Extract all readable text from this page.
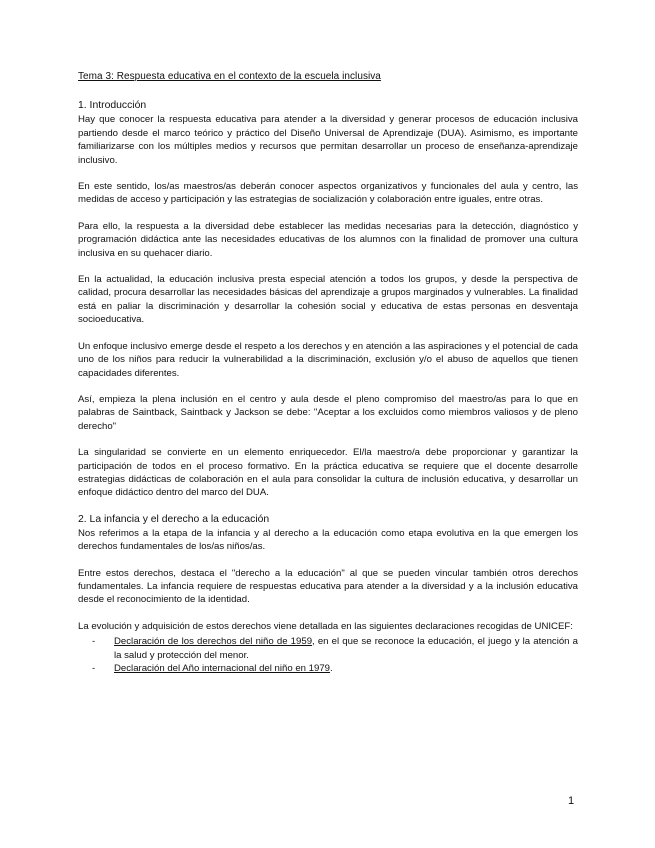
Tema 3: Respuesta educativa en el contexto de la escuela inclusiva

1. Introducción

Hay que conocer la respuesta educativa para atender a la diversidad y generar procesos de educación inclusiva partiendo desde el marco teórico y práctico del Diseño Universal de Aprendizaje (DUA). Asimismo, es importante familiarizarse con los múltiples medios y recursos que permitan desarrollar un proceso de enseñanza-aprendizaje inclusivo.

En este sentido, los/as maestros/as deberán conocer aspectos organizativos y funcionales del aula y centro, las medidas de acceso y participación y las estrategias de socialización y colaboración entre iguales, entre otras.

Para ello, la respuesta a la diversidad debe establecer las medidas necesarias para la detección, diagnóstico y programación didáctica ante las necesidades educativas de los alumnos con la finalidad de promover una cultura inclusiva en su quehacer diario.

En la actualidad, la educación inclusiva presta especial atención a todos los grupos, y desde la perspectiva de calidad, procura desarrollar las necesidades básicas del aprendizaje a grupos marginados y vulnerables. La finalidad está en paliar la discriminación y desarrollar la cohesión social y educativa de estas personas en desventaja socioeducativa.

Un enfoque inclusivo emerge desde el respeto a los derechos y en atención a las aspiraciones y el potencial de cada uno de los niños para reducir la vulnerabilidad a la discriminación, exclusión y/o el abuso de aquellos que tienen capacidades diferentes.

Así, empieza la plena inclusión en el centro y aula desde el pleno compromiso del maestro/as para lo que en palabras de Saintback, Saintback y Jackson se debe: "Aceptar a los excluidos como miembros valiosos y de pleno derecho"

La singularidad se convierte en un elemento enriquecedor. El/la maestro/a debe proporcionar y garantizar la participación de todos en el proceso formativo. En la práctica educativa se requiere que el docente desarrolle estrategias didácticas de colaboración en el aula para consolidar la cultura de inclusión educativa, y desarrollar un enfoque didáctico dentro del marco del DUA.

2. La infancia y el derecho a la educación

Nos referimos a la etapa de la infancia y al derecho a la educación como etapa evolutiva en la que emergen los derechos fundamentales de los/as niños/as.

Entre estos derechos, destaca el "derecho a la educación" al que se pueden vincular también otros derechos fundamentales. La infancia requiere de respuestas educativa para atender a la diversidad y a la inclusión educativa desde el reconocimiento de la identidad.

La evolución y adquisición de estos derechos viene detallada en las siguientes declaraciones recogidas de UNICEF:

- Declaración de los derechos del niño de 1959, en el que se reconoce la educación, el juego y la atención a la salud y protección del menor.
- Declaración del Año internacional del niño en 1979.
1
